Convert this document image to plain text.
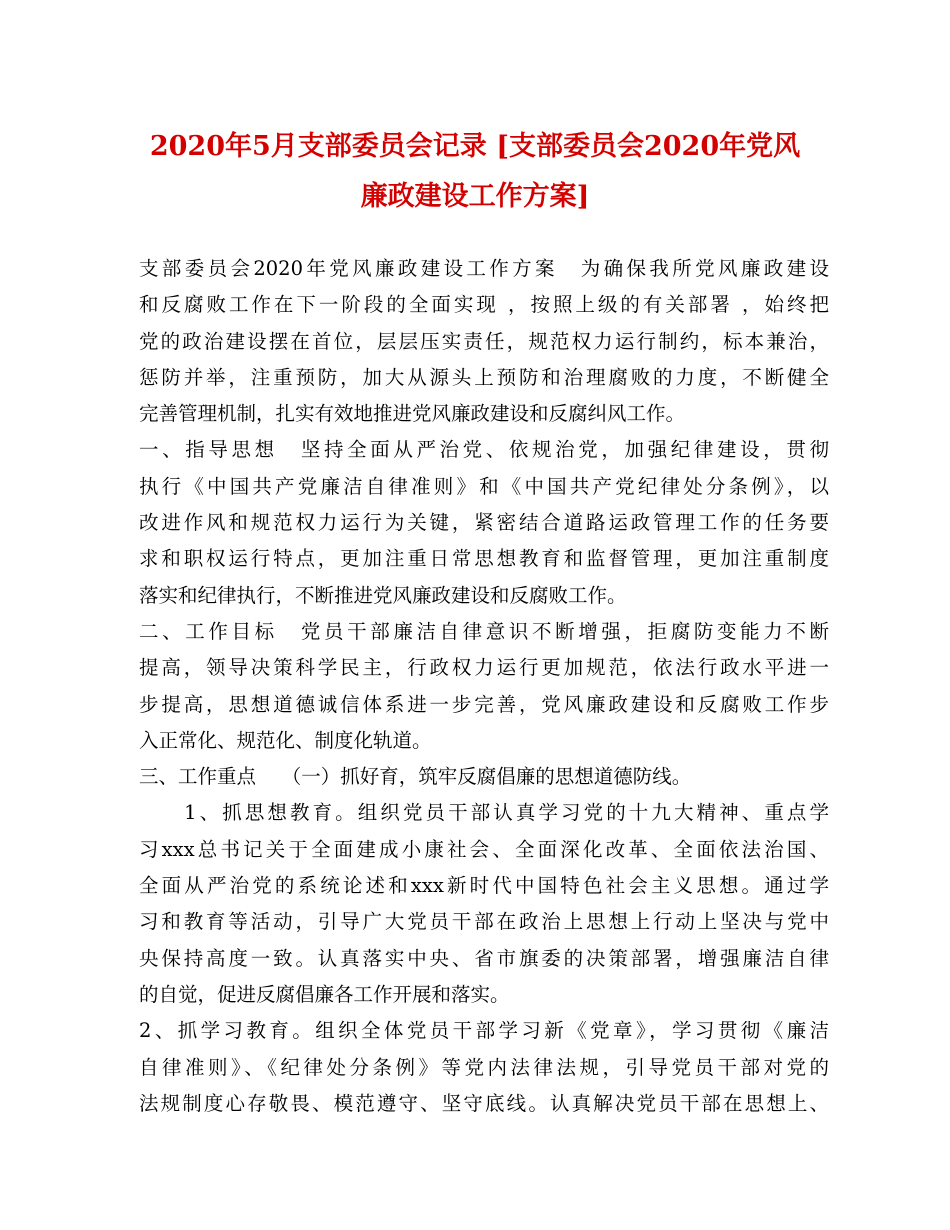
2020年5月支部委员会记录 [支部委员会2020年党风
廉政建设工作方案]
支部委员会2020年党风廉政建设工作方案　为确保我所党风廉政建设
和反腐败工作在下一阶段的全面实现 ，按照上级的有关部署 ，始终把
党的政治建设摆在首位，层层压实责任，规范权力运行制约，标本兼治，
惩防并举，注重预防，加大从源头上预防和治理腐败的力度，不断健全
完善管理机制，扎实有效地推进党风廉政建设和反腐纠风工作。
一、指导思想　坚持全面从严治党、依规治党，加强纪律建设，贯彻
执行《中国共产党廉洁自律准则》和《中国共产党纪律处分条例》，以
改进作风和规范权力运行为关键，紧密结合道路运政管理工作的任务要
求和职权运行特点，更加注重日常思想教育和监督管理，更加注重制度
落实和纪律执行，不断推进党风廉政建设和反腐败工作。
二、工作目标　党员干部廉洁自律意识不断增强，拒腐防变能力不断
提高，领导决策科学民主，行政权力运行更加规范，依法行政水平进一
步提高，思想道德诚信体系进一步完善，党风廉政建设和反腐败工作步
入正常化、规范化、制度化轨道。
三、工作重点　 （一）抓好育，筑牢反腐倡廉的思想道德防线。
　　1、抓思想教育。组织党员干部认真学习党的十九大精神、重点学
习xxx总书记关于全面建成小康社会、全面深化改革、全面依法治国、
全面从严治党的系统论述和xxx新时代中国特色社会主义思想。通过学
习和教育等活动，引导广大党员干部在政治上思想上行动上坚决与党中
央保持高度一致。认真落实中央、省市旗委的决策部署，增强廉洁自律
的自觉，促进反腐倡廉各工作开展和落实。
2、抓学习教育。组织全体党员干部学习新《党章》，学习贯彻《廉洁
自律准则》、《纪律处分条例》等党内法律法规，引导党员干部对党的
法规制度心存敬畏、模范遵守、坚守底线。认真解决党员干部在思想上、
